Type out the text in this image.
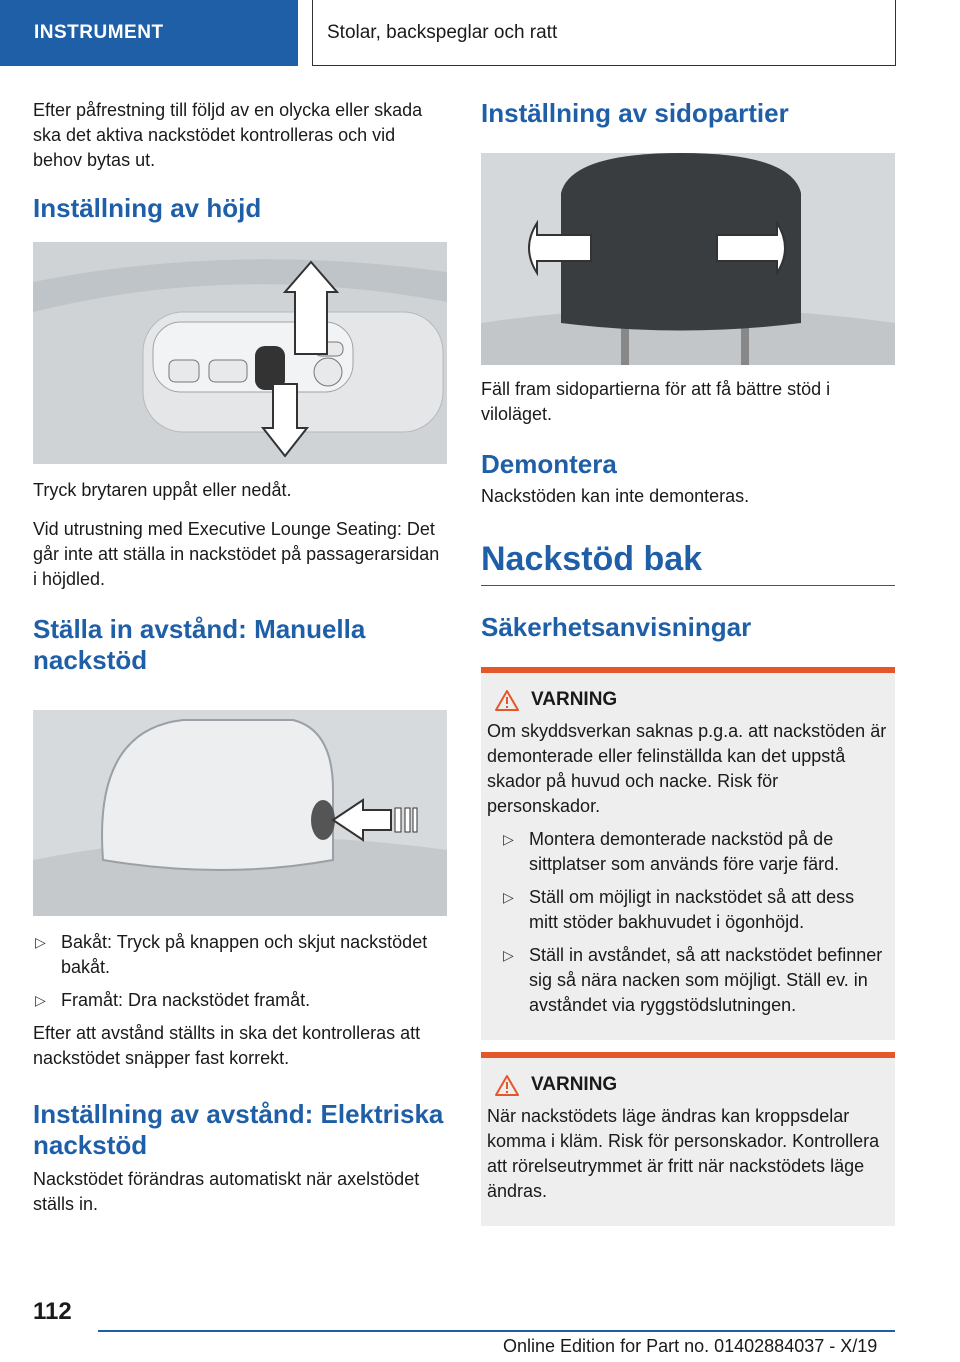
INSTRUMENT	Stolar, backspeglar och ratt

Efter påfrestning till följd av en olycka eller skada ska det aktiva nackstödet kontrolleras och vid behov bytas ut.

Inställning av höjd

Tryck brytaren uppåt eller nedåt.

Vid utrustning med Executive Lounge Seating: Det går inte att ställa in nackstödet på passagerarsidan i höjdled.

Ställa in avstånd: Manuella nackstöd
▷ Bakåt: Tryck på knappen och skjut nackstödet bakåt.
▷ Framåt: Dra nackstödet framåt.

Efter att avstånd ställts in ska det kontrolleras att nackstödet snäpper fast korrekt.

Inställning av avstånd: Elektriska nackstöd

Nackstödet förändras automatiskt när axelstödet ställs in.

Inställning av sidopartier

Fäll fram sidopartierna för att få bättre stöd i viloläget.

Demontera

Nackstöden kan inte demonteras.

Nackstöd bak
Säkerhetsanvisningar
VARNING

Om skyddsverkan saknas p.g.a. att nackstöden är demonterade eller felinställda kan det uppstå skador på huvud och nacke. Risk för personskador.

▷ Montera demonterade nackstöd på de sittplatser som används före varje färd.
▷ Ställ om möjligt in nackstödet så att dess mitt stöder bakhuvudet i ögonhöjd.
▷ Ställ in avståndet, så att nackstödet befinner sig så nära nacken som möjligt. Ställ ev. in avståndet via ryggstödslutningen.
VARNING

När nackstödets läge ändras kan kroppsdelar komma i kläm. Risk för personskador. Kontrollera att rörelseutrymmet är fritt när nackstödets läge ändras.

112
Online Edition for Part no. 01402884037 - X/19
